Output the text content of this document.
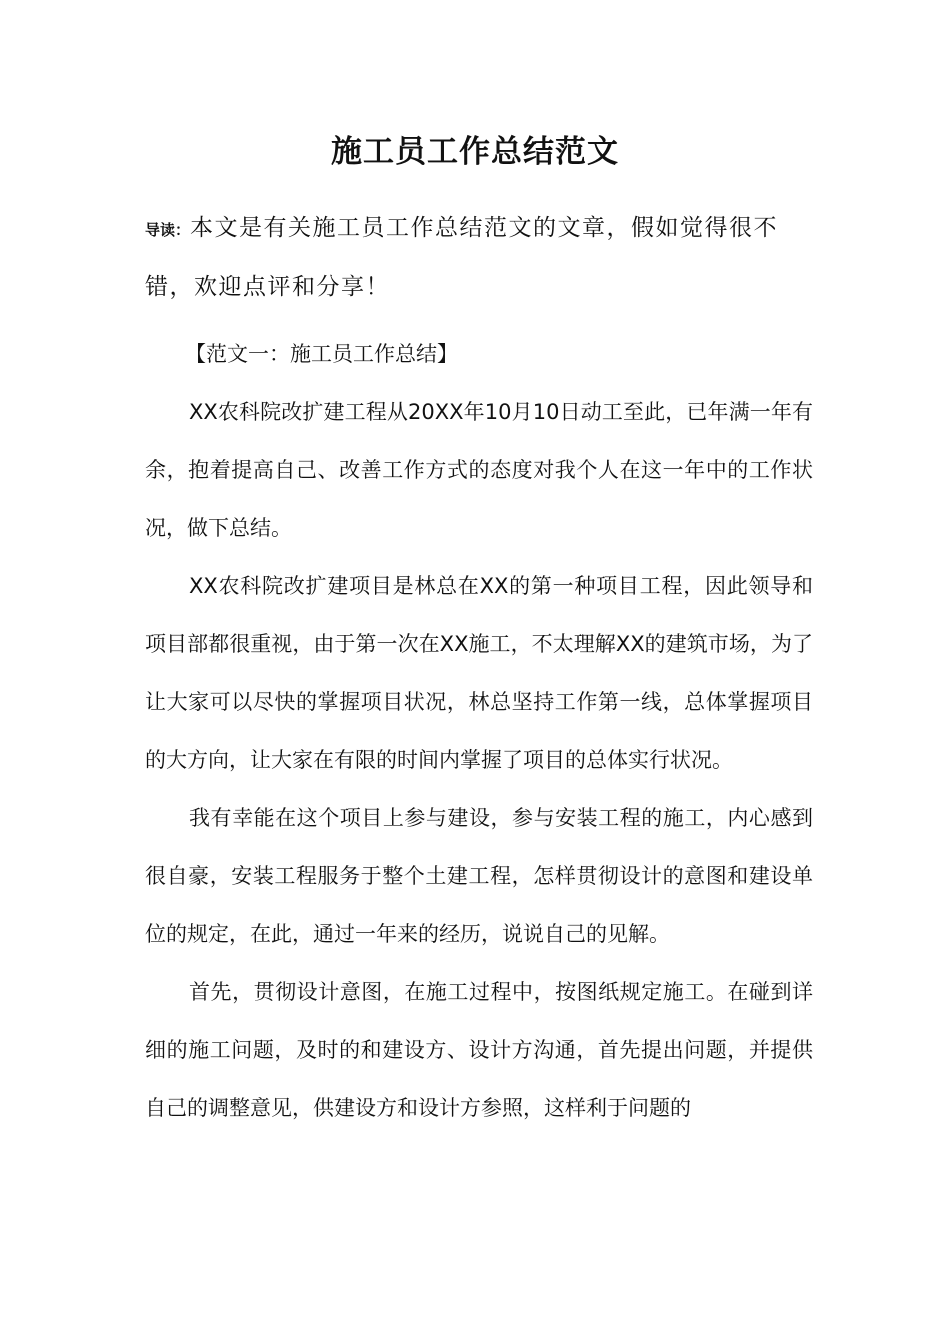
施工员工作总结范文
导读：本文是有关施工员工作总结范文的文章，假如觉得很不错，欢迎点评和分享！

【范文一：施工员工作总结】

XX农科院改扩建工程从20XX年10月10日动工至此，已年满一年有余，抱着提高自己、改善工作方式的态度对我个人在这一年中的工作状况，做下总结。

XX农科院改扩建项目是林总在XX的第一种项目工程，因此领导和项目部都很重视，由于第一次在XX施工，不太理解XX的建筑市场，为了让大家可以尽快的掌握项目状况，林总坚持工作第一线，总体掌握项目的大方向，让大家在有限的时间内掌握了项目的总体实行状况。

我有幸能在这个项目上参与建设，参与安装工程的施工，内心感到很自豪，安装工程服务于整个土建工程，怎样贯彻设计的意图和建设单位的规定，在此，通过一年来的经历，说说自己的见解。

首先，贯彻设计意图，在施工过程中，按图纸规定施工。在碰到详细的施工问题，及时的和建设方、设计方沟通，首先提出问题，并提供自己的调整意见，供建设方和设计方参照，这样利于问题的
